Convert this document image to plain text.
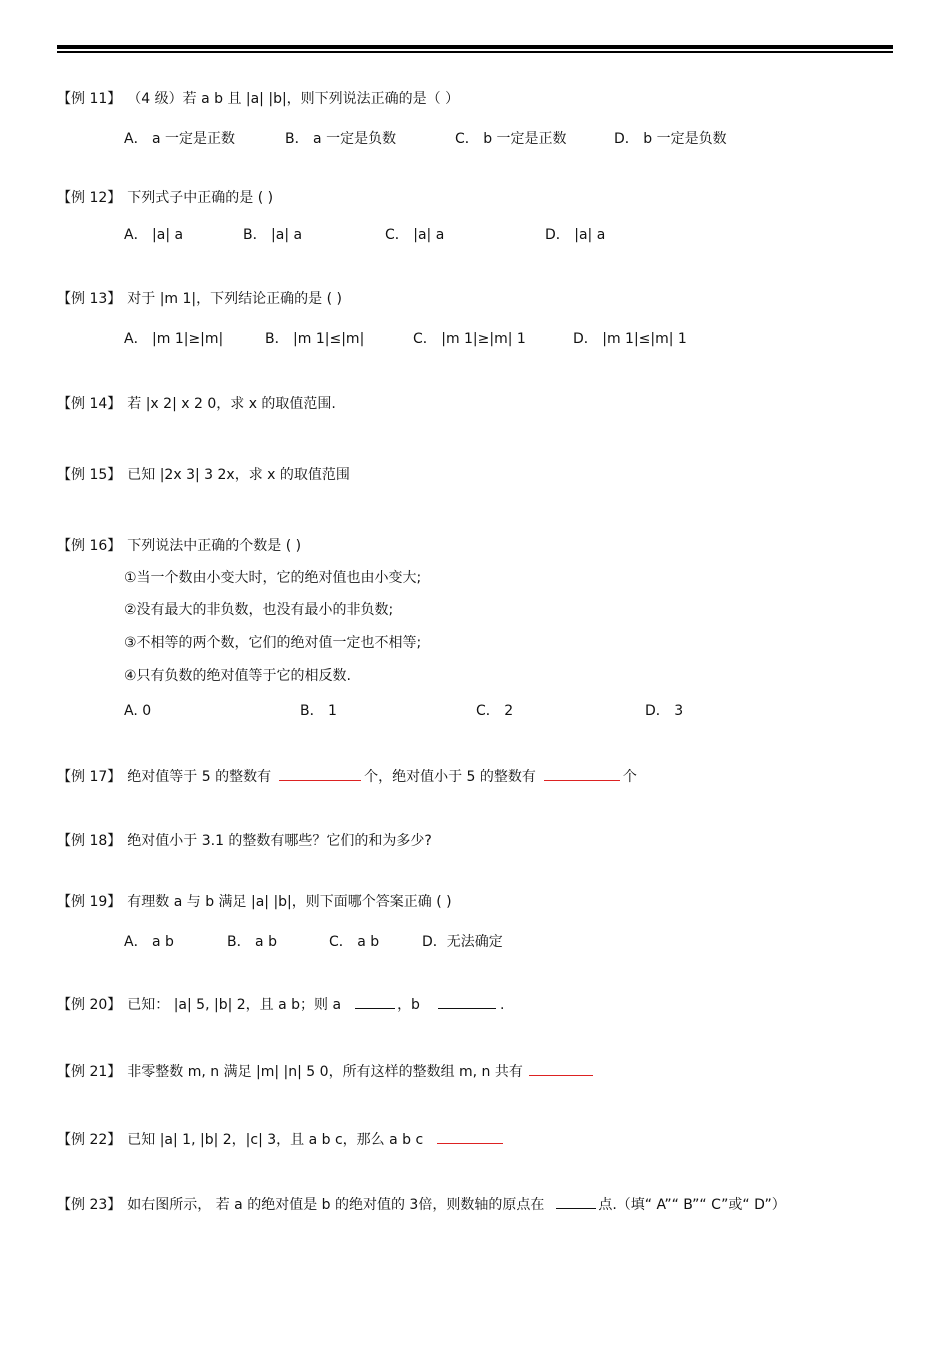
【例 11】 （4 级）若 a b 且 |a| |b|，则下列说法正确的是（ ）
A． a 一定是正数	B． a 一定是负数	C． b 一定是正数	D． b 一定是负数
【例 12】 下列式子中正确的是 ( )
A． |a| a	B． |a| a	C． |a| a	D． |a| a
【例 13】 对于 |m 1|，下列结论正确的是 ( )
A． |m 1|≥|m|	B． |m 1|≤|m|	C． |m 1|≥|m| 1	D． |m 1|≤|m| 1
【例 14】 若 |x 2| x 2 0，求 x 的取值范围.
【例 15】 已知 |2x 3| 3 2x，求 x 的取值范围
【例 16】 下列说法中正确的个数是 ( )
①当一个数由小变大时，它的绝对值也由小变大;
②没有最大的非负数，也没有最小的非负数;
③不相等的两个数，它们的绝对值一定也不相等;
④只有负数的绝对值等于它的相反数.
A. 0	B． 1	C． 2	D． 3
【例 17】 绝对值等于 5 的整数有	个，绝对值小于 5 的整数有	个
【例 18】 绝对值小于 3.1 的整数有哪些？它们的和为多少?
【例 19】 有理数 a 与 b 满足 |a| |b|，则下面哪个答案正确 ( )
A． a b	B． a b	C． a b	D．无法确定
【例 20】 已知： |a| 5, |b| 2，且 a b；则 a	，b	.
【例 21】 非零整数 m, n 满足 |m| |n| 5 0，所有这样的整数组 m, n 共有
【例 22】 已知 |a| 1, |b| 2，|c| 3，且 a b c，那么 a b c
【例 23】 如右图所示， 若 a 的绝对值是 b 的绝对值的 3倍，则数轴的原点在	点.（填“ A”“ B”“ C”或“ D”）
